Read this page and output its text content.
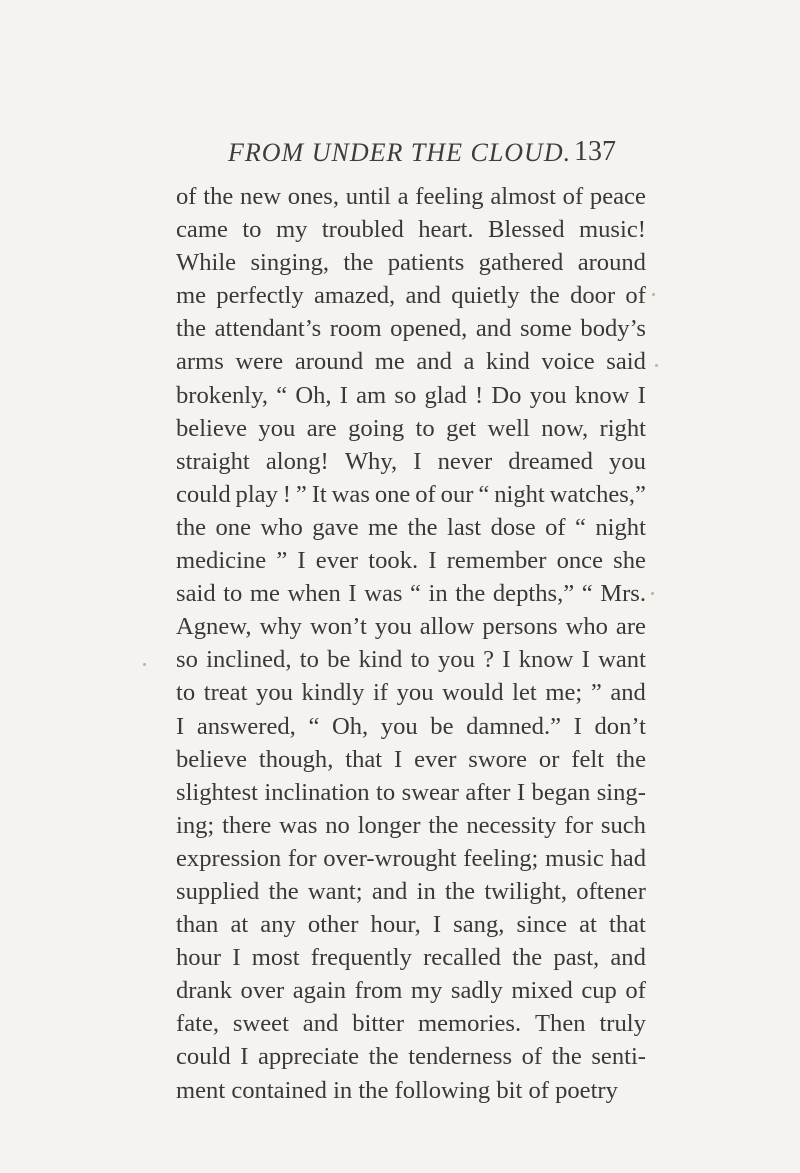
FROM UNDER THE CLOUD. 137
of the new ones, until a feeling almost of peace
came to my troubled heart. Blessed music!
While singing, the patients gathered around
me perfectly amazed, and quietly the door of
the attendant’s room opened, and some body’s
arms were around me and a kind voice said
brokenly, “ Oh, I am so glad ! Do you know I
believe you are going to get well now, right
straight along! Why, I never dreamed you
could play ! ” It was one of our “ night watches,”
the one who gave me the last dose of “ night
medicine ” I ever took. I remember once she
said to me when I was “ in the depths,” “ Mrs.
Agnew, why won’t you allow persons who are
so inclined, to be kind to you ? I know I want
to treat you kindly if you would let me; ” and
I answered, “ Oh, you be damned.” I don’t
believe though, that I ever swore or felt the
slightest inclination to swear after I began sing-
ing; there was no longer the necessity for such
expression for over-wrought feeling; music had
supplied the want; and in the twilight, oftener
than at any other hour, I sang, since at that
hour I most frequently recalled the past, and
drank over again from my sadly mixed cup of
fate, sweet and bitter memories. Then truly
could I appreciate the tenderness of the senti-
ment contained in the following bit of poetry
